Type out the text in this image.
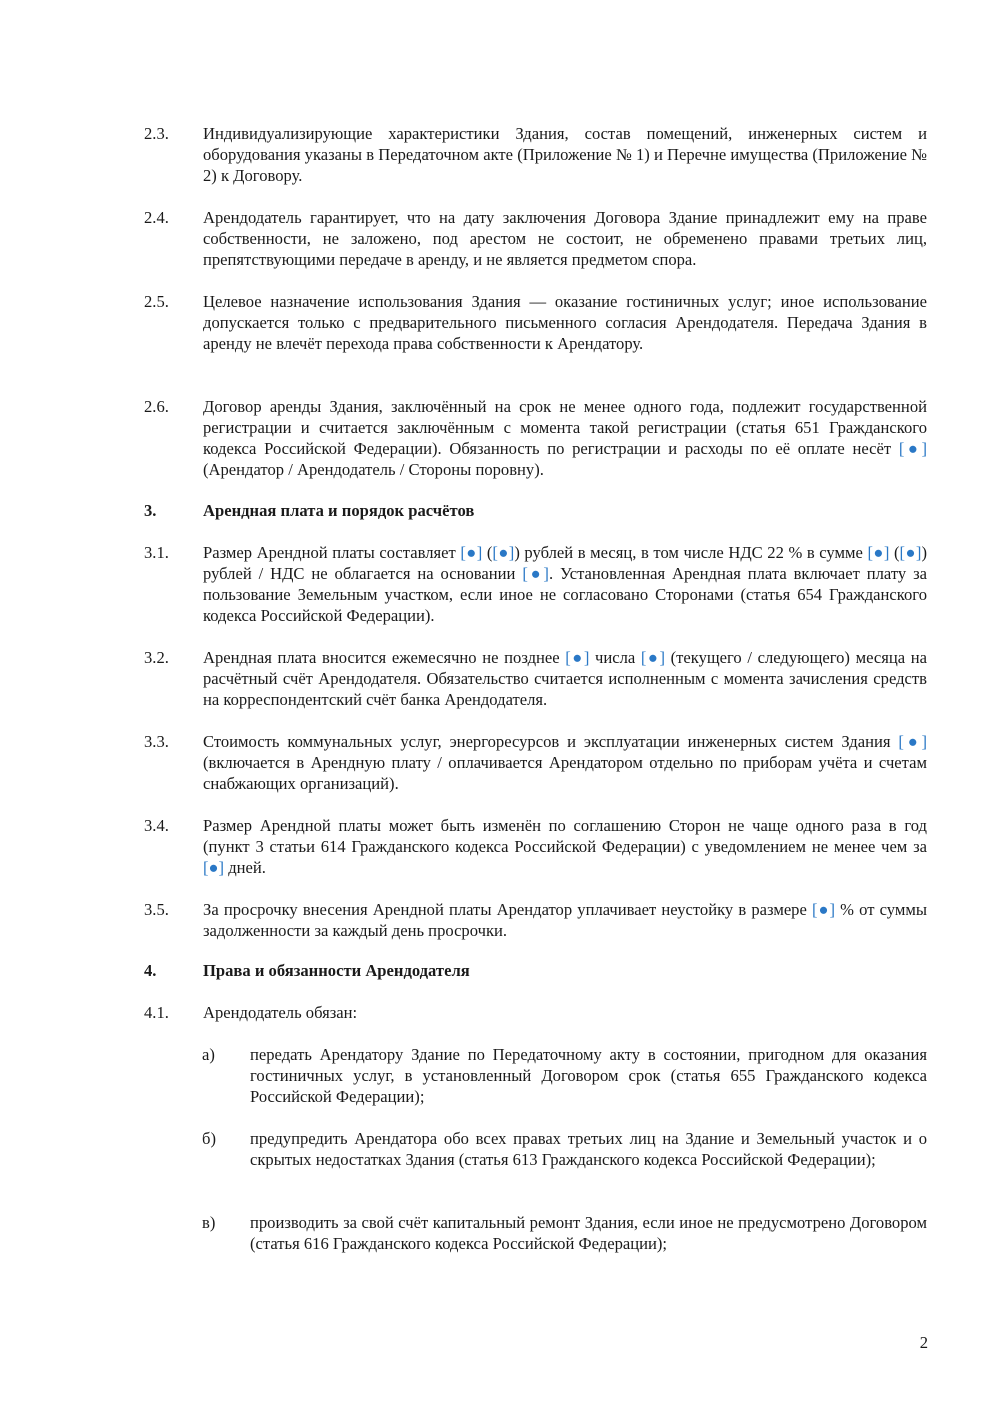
2.3.	Индивидуализирующие характеристики Здания, состав помещений, инженерных систем и оборудования указаны в Передаточном акте (Приложение № 1) и Перечне имущества (Приложение № 2) к Договору.
2.4.	Арендодатель гарантирует, что на дату заключения Договора Здание принадлежит ему на праве собственности, не заложено, под арестом не состоит, не обременено правами третьих лиц, препятствующими передаче в аренду, и не является предметом спора.
2.5.	Целевое назначение использования Здания — оказание гостиничных услуг; иное использование допускается только с предварительного письменного согласия Арендодателя. Передача Здания в аренду не влечёт перехода права собственности к Арендатору.
2.6.	Договор аренды Здания, заключённый на срок не менее одного года, подлежит государственной регистрации и считается заключённым с момента такой регистрации (статья 651 Гражданского кодекса Российской Федерации). Обязанность по регистрации и расходы по её оплате несёт [●] (Арендатор / Арендодатель / Стороны поровну).
3.	Арендная плата и порядок расчётов
3.1.	Размер Арендной платы составляет [●] ([●]) рублей в месяц, в том числе НДС 22 % в сумме [●] ([●]) рублей / НДС не облагается на основании [●]. Установленная Арендная плата включает плату за пользование Земельным участком, если иное не согласовано Сторонами (статья 654 Гражданского кодекса Российской Федерации).
3.2.	Арендная плата вносится ежемесячно не позднее [●] числа [●] (текущего / следующего) месяца на расчётный счёт Арендодателя. Обязательство считается исполненным с момента зачисления средств на корреспондентский счёт банка Арендодателя.
3.3.	Стоимость коммунальных услуг, энергоресурсов и эксплуатации инженерных систем Здания [●] (включается в Арендную плату / оплачивается Арендатором отдельно по приборам учёта и счетам снабжающих организаций).
3.4.	Размер Арендной платы может быть изменён по соглашению Сторон не чаще одного раза в год (пункт 3 статьи 614 Гражданского кодекса Российской Федерации) с уведомлением не менее чем за [●] дней.
3.5.	За просрочку внесения Арендной платы Арендатор уплачивает неустойку в размере [●] % от суммы задолженности за каждый день просрочки.
4.	Права и обязанности Арендодателя
4.1.	Арендодатель обязан:
а)	передать Арендатору Здание по Передаточному акту в состоянии, пригодном для оказания гостиничных услуг, в установленный Договором срок (статья 655 Гражданского кодекса Российской Федерации);
б)	предупредить Арендатора обо всех правах третьих лиц на Здание и Земельный участок и о скрытых недостатках Здания (статья 613 Гражданского кодекса Российской Федерации);
в)	производить за свой счёт капитальный ремонт Здания, если иное не предусмотрено Договором (статья 616 Гражданского кодекса Российской Федерации);
2
